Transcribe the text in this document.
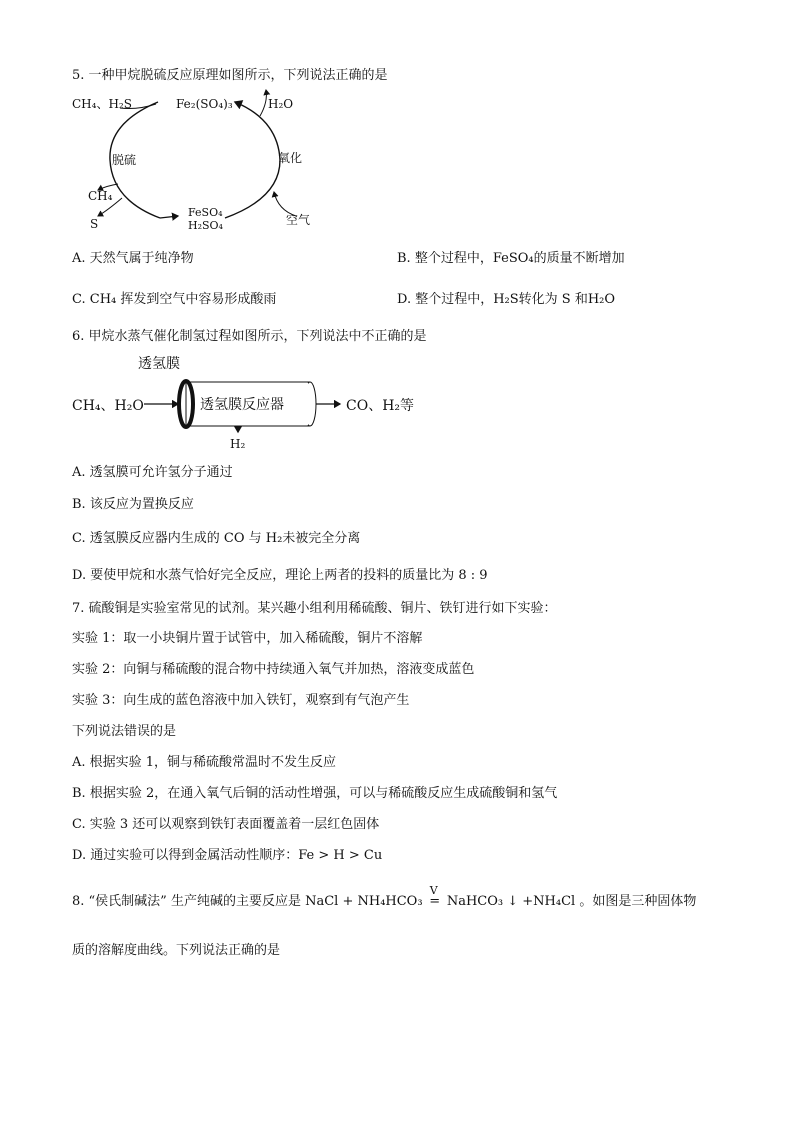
5. 一种甲烷脱硫反应原理如图所示，下列说法正确的是
CH₄、H₂S	Fe₂(SO₄)₃	H₂O
脱硫	氧化
CH₄
S
FeSO₄
H₂SO₄	空气
A. 天然气属于纯净物	B. 整个过程中，FeSO₄的质量不断增加
C. CH₄ 挥发到空气中容易形成酸雨	D. 整个过程中，H₂S转化为 S 和H₂O
6. 甲烷水蒸气催化制氢过程如图所示，下列说法中不正确的是
透氢膜
CH₄、H₂O	透氢膜反应器	CO、H₂等
H₂
A. 透氢膜可允许氢分子通过
B. 该反应为置换反应
C. 透氢膜反应器内生成的 CO 与 H₂未被完全分离
D. 要使甲烷和水蒸气恰好完全反应，理论上两者的投料的质量比为 8 : 9
7. 硫酸铜是实验室常见的试剂。某兴趣小组利用稀硫酸、铜片、铁钉进行如下实验：
实验 1：取一小块铜片置于试管中，加入稀硫酸，铜片不溶解
实验 2：向铜与稀硫酸的混合物中持续通入氧气并加热，溶液变成蓝色
实验 3：向生成的蓝色溶液中加入铁钉，观察到有气泡产生
下列说法错误的是
A. 根据实验 1，铜与稀硫酸常温时不发生反应
B. 根据实验 2，在通入氧气后铜的活动性增强，可以与稀硫酸反应生成硫酸铜和氢气
C. 实验 3 还可以观察到铁钉表面覆盖着一层红色固体
D. 通过实验可以得到金属活动性顺序：Fe > H > Cu
8. “侯氏制碱法” 生产纯碱的主要反应是 NaCl + NH₄HCO₃
V
= NaHCO₃ ↓ +NH₄Cl 。如图是三种固体物
质的溶解度曲线。下列说法正确的是
